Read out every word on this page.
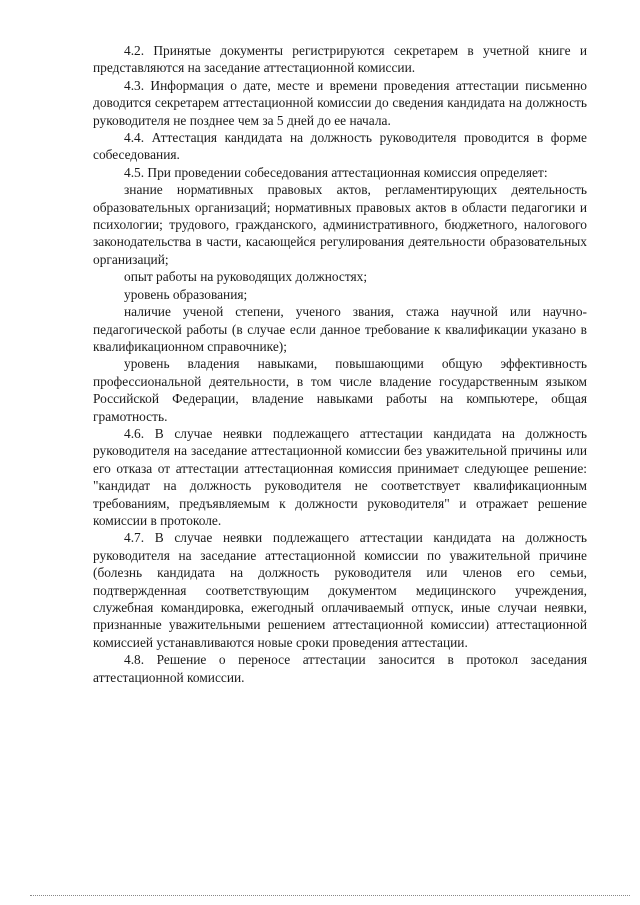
4.2. Принятые документы регистрируются секретарем в учетной книге и представляются на заседание аттестационной комиссии.

4.3. Информация о дате, месте и времени проведения аттестации письменно доводится секретарем аттестационной комиссии до сведения кандидата на должность руководителя не позднее чем за 5 дней до ее начала.

4.4. Аттестация кандидата на должность руководителя проводится в форме собеседования.

4.5. При проведении собеседования аттестационная комиссия определяет:

знание нормативных правовых актов, регламентирующих деятельность образовательных организаций; нормативных правовых актов в области педагогики и психологии; трудового, гражданского, административного, бюджетного, налогового законодательства в части, касающейся регулирования деятельности образовательных организаций;

опыт работы на руководящих должностях;

уровень образования;

наличие ученой степени, ученого звания, стажа научной или научно-педагогической работы (в случае если данное требование к квалификации указано в квалификационном справочнике);

уровень владения навыками, повышающими общую эффективность профессиональной деятельности, в том числе владение государственным языком Российской Федерации, владение навыками работы на компьютере, общая грамотность.

4.6. В случае неявки подлежащего аттестации кандидата на должность руководителя на заседание аттестационной комиссии без уважительной причины или его отказа от аттестации аттестационная комиссия принимает следующее решение: "кандидат на должность руководителя не соответствует квалификационным требованиям, предъявляемым к должности руководителя" и отражает решение комиссии в протоколе.

4.7. В случае неявки подлежащего аттестации кандидата на должность руководителя на заседание аттестационной комиссии по уважительной причине (болезнь кандидата на должность руководителя или членов его семьи, подтвержденная соответствующим документом медицинского учреждения, служебная командировка, ежегодный оплачиваемый отпуск, иные случаи неявки, признанные уважительными решением аттестационной комиссии) аттестационной комиссией устанавливаются новые сроки проведения аттестации.

4.8. Решение о переносе аттестации заносится в протокол заседания аттестационной комиссии.
